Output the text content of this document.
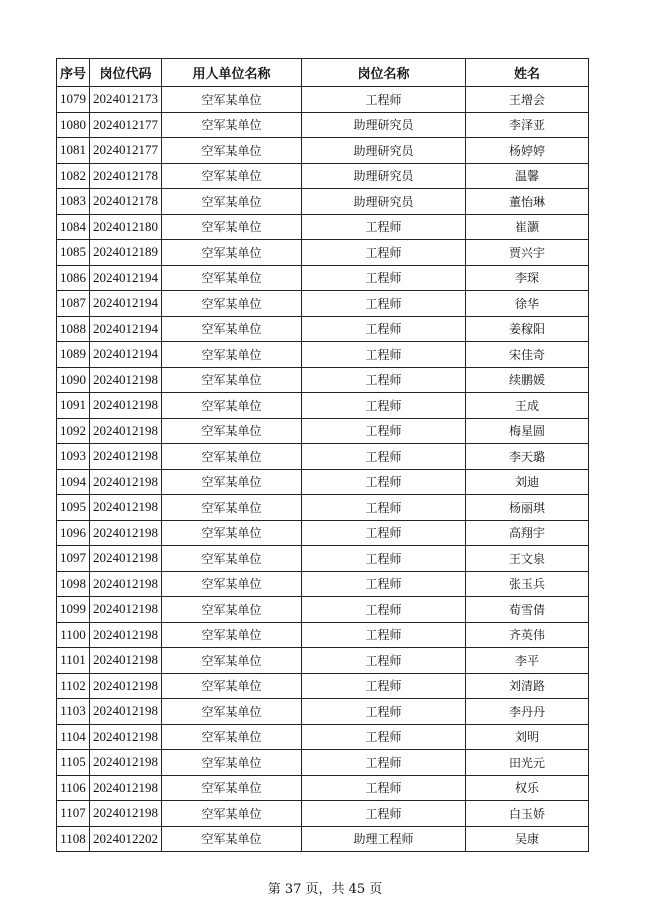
序号	岗位代码	用人单位名称	岗位名称	姓名
1079	2024012173	空军某单位	工程师	王增会
1080	2024012177	空军某单位	助理研究员	李泽亚
1081	2024012177	空军某单位	助理研究员	杨婷婷
1082	2024012178	空军某单位	助理研究员	温馨
1083	2024012178	空军某单位	助理研究员	董怡琳
1084	2024012180	空军某单位	工程师	崔灏
1085	2024012189	空军某单位	工程师	贾兴宇
1086	2024012194	空军某单位	工程师	李琛
1087	2024012194	空军某单位	工程师	徐华
1088	2024012194	空军某单位	工程师	姜稼阳
1089	2024012194	空军某单位	工程师	宋佳奇
1090	2024012198	空军某单位	工程师	续鹏媛
1091	2024012198	空军某单位	工程师	王成
1092	2024012198	空军某单位	工程师	梅星圆
1093	2024012198	空军某单位	工程师	李天璐
1094	2024012198	空军某单位	工程师	刘迪
1095	2024012198	空军某单位	工程师	杨丽琪
1096	2024012198	空军某单位	工程师	高翔宇
1097	2024012198	空军某单位	工程师	王文泉
1098	2024012198	空军某单位	工程师	张玉兵
1099	2024012198	空军某单位	工程师	荀雪倩
1100	2024012198	空军某单位	工程师	齐英伟
1101	2024012198	空军某单位	工程师	李平
1102	2024012198	空军某单位	工程师	刘清路
1103	2024012198	空军某单位	工程师	李丹丹
1104	2024012198	空军某单位	工程师	刘明
1105	2024012198	空军某单位	工程师	田光元
1106	2024012198	空军某单位	工程师	权乐
1107	2024012198	空军某单位	工程师	白玉娇
1108	2024012202	空军某单位	助理工程师	吴康
第 37 页，共 45 页
